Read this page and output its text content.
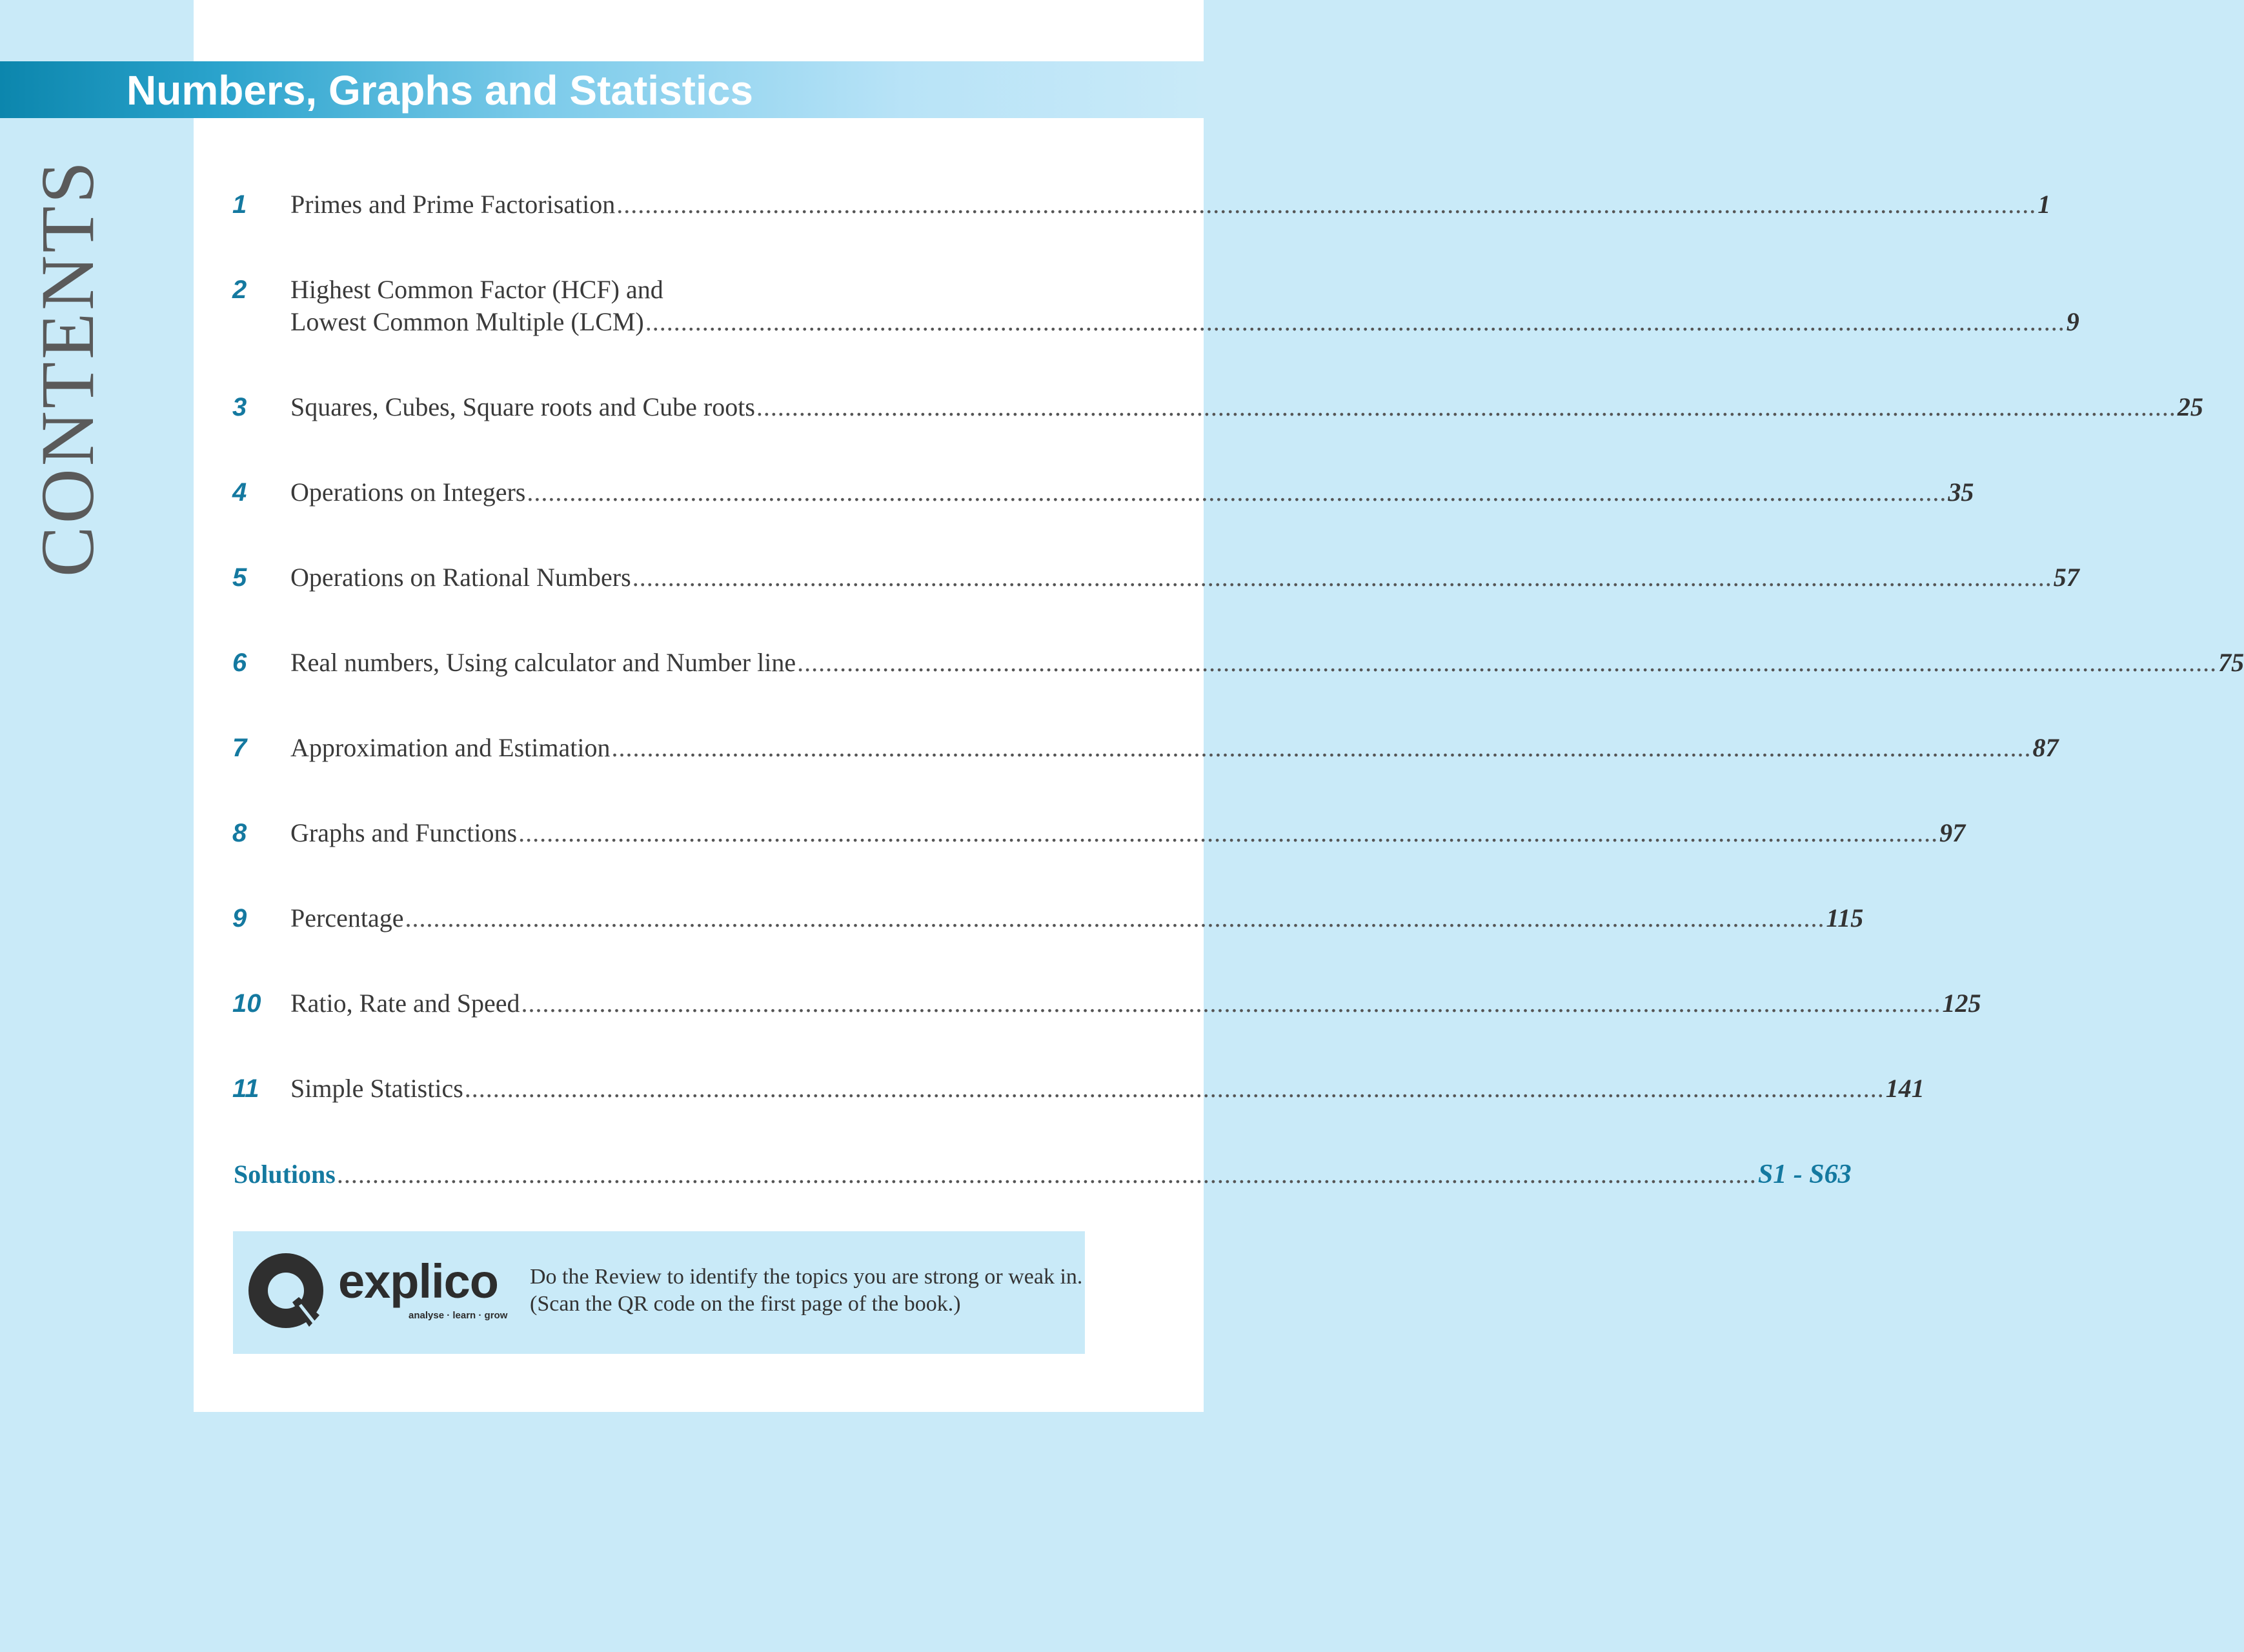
Numbers, Graphs and Statistics
CONTENTS	1	Primes and Prime Factorisation ........................................................................................................................................................................................................ 1
2	Highest Common Factor (HCF) and
Lowest Common Multiple (LCM) ........................................................................................................................................................................................................ 9
3	Squares, Cubes, Square roots and Cube roots ........................................................................................................................................................................................................ 25
4	Operations on Integers ........................................................................................................................................................................................................ 35
5	Operations on Rational Numbers ........................................................................................................................................................................................................ 57
6	Real numbers, Using calculator and Number line ........................................................................................................................................................................................................ 75
7	Approximation and Estimation ........................................................................................................................................................................................................ 87
8	Graphs and Functions ........................................................................................................................................................................................................ 97
9	Percentage ........................................................................................................................................................................................................ 115
10	Ratio, Rate and Speed ........................................................................................................................................................................................................ 125
11	Simple Statistics ........................................................................................................................................................................................................ 141
Solutions ........................................................................................................................................................................................................ S1 - S63
explico
analyse · learn · grow
Do the Review to identify the topics you are strong or weak in.
(Scan the QR code on the first page of the book.)
